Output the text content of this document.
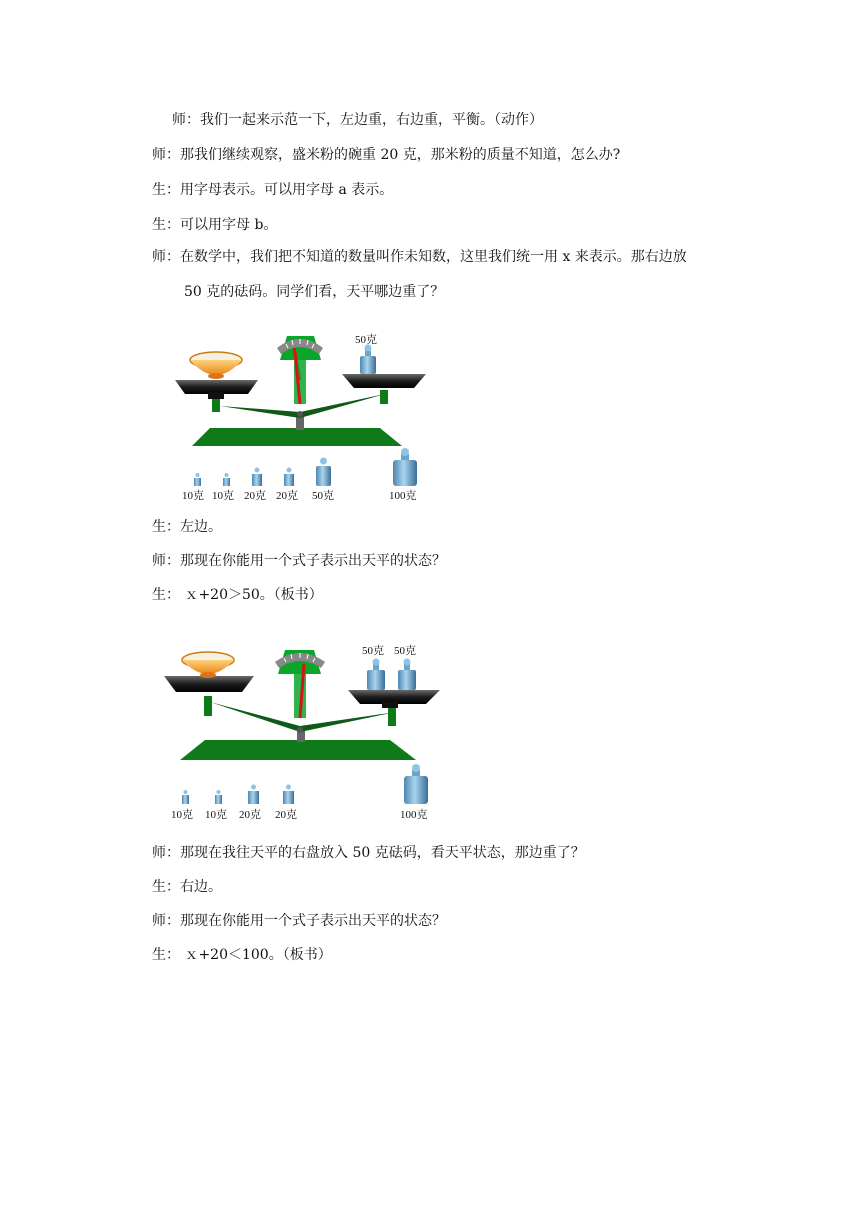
师：我们一起来示范一下，左边重，右边重，平衡。（动作）
师：那我们继续观察，盛米粉的碗重 20 克，那米粉的质量不知道，怎么办?
生：用字母表示。可以用字母 a 表示。
生：可以用字母 b。
师：在数学中，我们把不知道的数量叫作未知数，这里我们统一用 x 来表示。那右边放
50 克的砝码。同学们看，天平哪边重了？
50克
10克 10克 20克 20克 50克	100克
生：左边。
师：那现在你能用一个式子表示出天平的状态？
生： ｘ+20＞50。（板书）
50克 50克
10克 10克 20克 20克	100克
师：那现在我往天平的右盘放入 50 克砝码，看天平状态，那边重了？
生：右边。
师：那现在你能用一个式子表示出天平的状态？
生： ｘ+20＜100。（板书）
